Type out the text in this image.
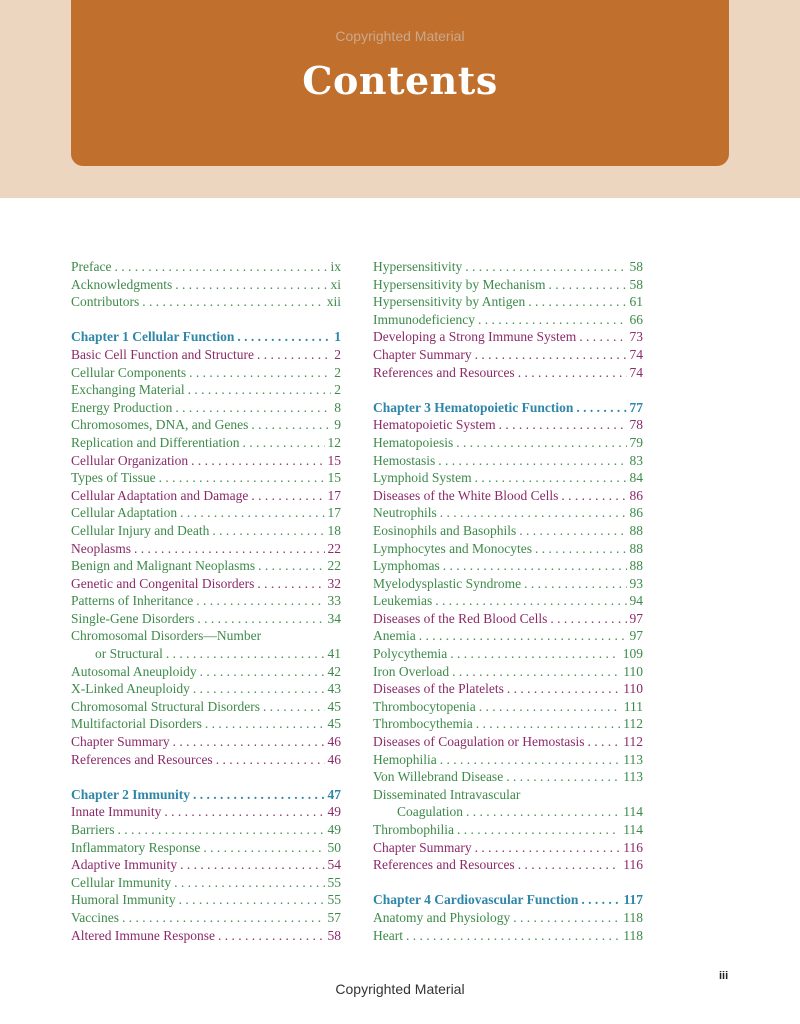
Copyrighted Material
Contents
Preface . . .	ix
Acknowledgments . . .	xi
Contributors . . .	xii
Chapter 1 Cellular Function . . .	1
Basic Cell Function and Structure . . .	2
Cellular Components . . .	2
Exchanging Material . . .	2
Energy Production . . .	8
Chromosomes, DNA, and Genes . . .	9
Replication and Differentiation . . .	12
Cellular Organization . . .	15
Types of Tissue . . .	15
Cellular Adaptation and Damage . . .	17
Cellular Adaptation . . .	17
Cellular Injury and Death . . .	18
Neoplasms . . .	22
Benign and Malignant Neoplasms . . .	22
Genetic and Congenital Disorders . . .	32
Patterns of Inheritance . . .	33
Single-Gene Disorders . . .	34
Chromosomal Disorders—Number
or Structural . . .	41
Autosomal Aneuploidy . . .	42
X-Linked Aneuploidy . . .	43
Chromosomal Structural Disorders . . .	45
Multifactorial Disorders . . .	45
Chapter Summary . . .	46
References and Resources . . .	46
Chapter 2 Immunity . . .	47
Innate Immunity . . .	49
Barriers . . .	49
Inflammatory Response . . .	50
Adaptive Immunity . . .	54
Cellular Immunity . . .	55
Humoral Immunity . . .	55
Vaccines . . .	57
Altered Immune Response . . .	58
Hypersensitivity . . .	58
Hypersensitivity by Mechanism . . .	58
Hypersensitivity by Antigen . . .	61
Immunodeficiency . . .	66
Developing a Strong Immune System . . .	73
Chapter Summary . . .	74
References and Resources . . .	74
Chapter 3 Hematopoietic Function . . .	77
Hematopoietic System . . .	78
Hematopoiesis . . .	79
Hemostasis . . .	83
Lymphoid System . . .	84
Diseases of the White Blood Cells . . .	86
Neutrophils . . .	86
Eosinophils and Basophils . . .	88
Lymphocytes and Monocytes . . .	88
Lymphomas . . .	88
Myelodysplastic Syndrome . . .	93
Leukemias . . .	94
Diseases of the Red Blood Cells . . .	97
Anemia . . .	97
Polycythemia . . .	109
Iron Overload . . .	110
Diseases of the Platelets . . .	110
Thrombocytopenia . . .	111
Thrombocythemia . . .	112
Diseases of Coagulation or Hemostasis . . .	112
Hemophilia . . .	113
Von Willebrand Disease . . .	113
Disseminated Intravascular
Coagulation . . .	114
Thrombophilia . . .	114
Chapter Summary . . .	116
References and Resources . . .	116
Chapter 4 Cardiovascular Function . . .	117
Anatomy and Physiology . . .	118
Heart . . .	118
iii
Copyrighted Material
